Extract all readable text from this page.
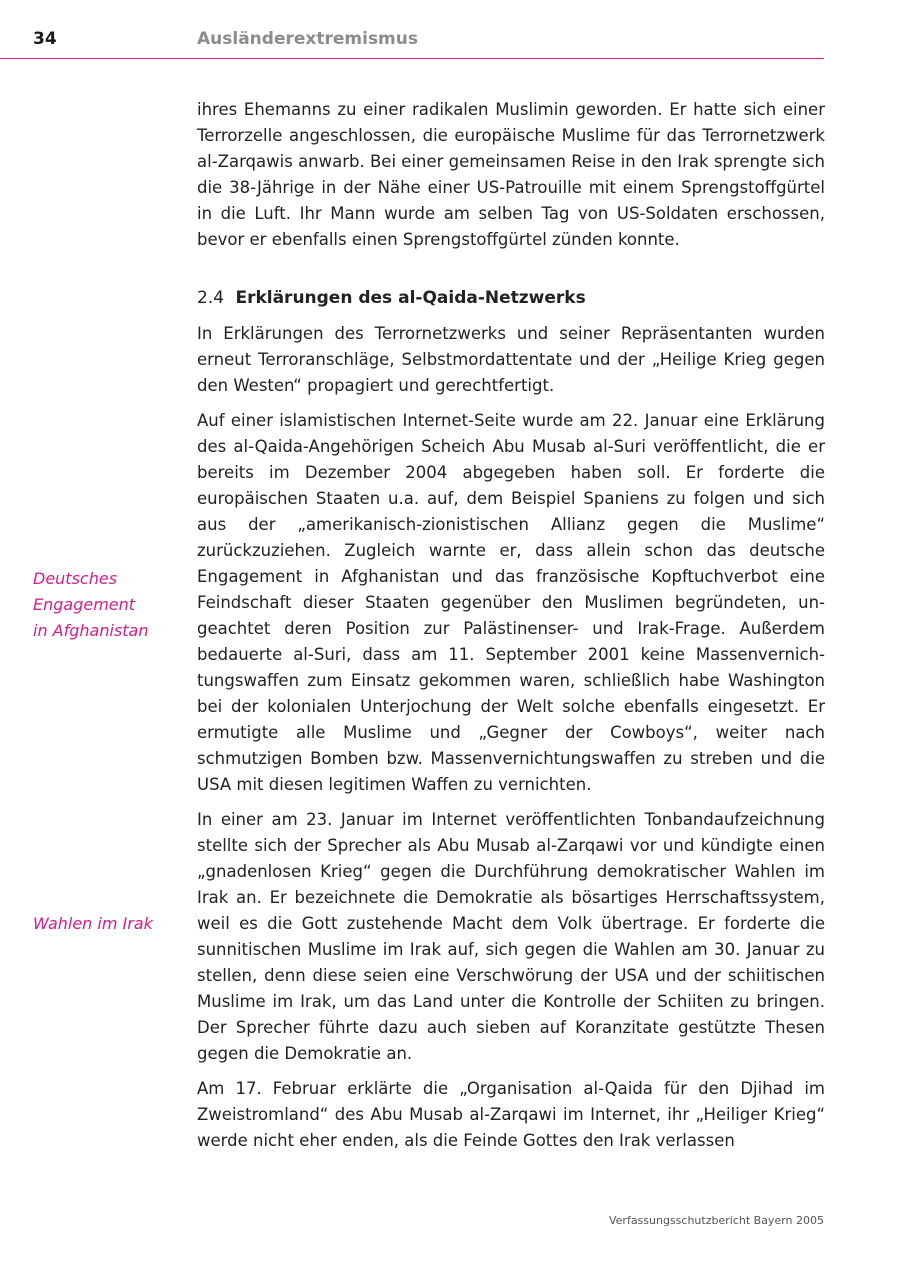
34	Ausländerextremismus
Deutsches
Engagement
in Afghanistan
Wahlen im Irak

ihres Ehemanns zu einer radikalen Muslimin geworden. Er hatte sich einer Terrorzelle angeschlossen, die europäische Muslime für das Terrornetzwerk al-Zarqawis anwarb. Bei einer gemeinsamen Reise in den Irak sprengte sich die 38-Jährige in der Nähe einer US-Patrouille mit einem Sprengstoffgürtel in die Luft. Ihr Mann wurde am selben Tag von US-Soldaten erschossen, bevor er ebenfalls einen Sprengstoffgürtel zünden konnte.

2.4 Erklärungen des al-Qaida-Netzwerks

In Erklärungen des Terrornetzwerks und seiner Repräsentanten wurden erneut Terroranschläge, Selbstmordattentate und der „Heilige Krieg gegen den Westen“ propagiert und gerechtfertigt.

Auf einer islamistischen Internet-Seite wurde am 22. Januar eine Erklärung des al-Qaida-Angehörigen Scheich Abu Musab al-Suri veröffentlicht, die er bereits im Dezember 2004 abgegeben haben soll. Er forderte die europäischen Staaten u.a. auf, dem Beispiel Spaniens zu folgen und sich aus der „amerikanisch-zionistischen Allianz gegen die Muslime“ zurückzuziehen. Zugleich warnte er, dass allein schon das deutsche Engagement in Afghanistan und das französische Kopftuchverbot eine Feindschaft dieser Staaten gegenüber den Muslimen begründeten, ungeachtet deren Position zur Palästinenser- und Irak-Frage. Außerdem bedauerte al-Suri, dass am 11. September 2001 keine Massenvernichtungswaffen zum Einsatz gekommen waren, schließlich habe Washington bei der kolonialen Unterjochung der Welt solche ebenfalls eingesetzt. Er ermutigte alle Muslime und „Gegner der Cowboys“, weiter nach schmutzigen Bomben bzw. Massenvernichtungswaffen zu streben und die USA mit diesen legitimen Waffen zu vernichten.

In einer am 23. Januar im Internet veröffentlichten Tonbandaufzeichnung stellte sich der Sprecher als Abu Musab al-Zarqawi vor und kündigte einen „gnadenlosen Krieg“ gegen die Durchführung demokratischer Wahlen im Irak an. Er bezeichnete die Demokratie als bösartiges Herrschaftssystem, weil es die Gott zustehende Macht dem Volk übertrage. Er forderte die sunnitischen Muslime im Irak auf, sich gegen die Wahlen am 30. Januar zu stellen, denn diese seien eine Verschwörung der USA und der schiitischen Muslime im Irak, um das Land unter die Kontrolle der Schiiten zu bringen. Der Sprecher führte dazu auch sieben auf Koranzitate gestützte Thesen gegen die Demokratie an.

Am 17. Februar erklärte die „Organisation al-Qaida für den Djihad im Zweistromland“ des Abu Musab al-Zarqawi im Internet, ihr „Heiliger Krieg“ werde nicht eher enden, als die Feinde Gottes den Irak verlassen

Verfassungsschutzbericht Bayern 2005
